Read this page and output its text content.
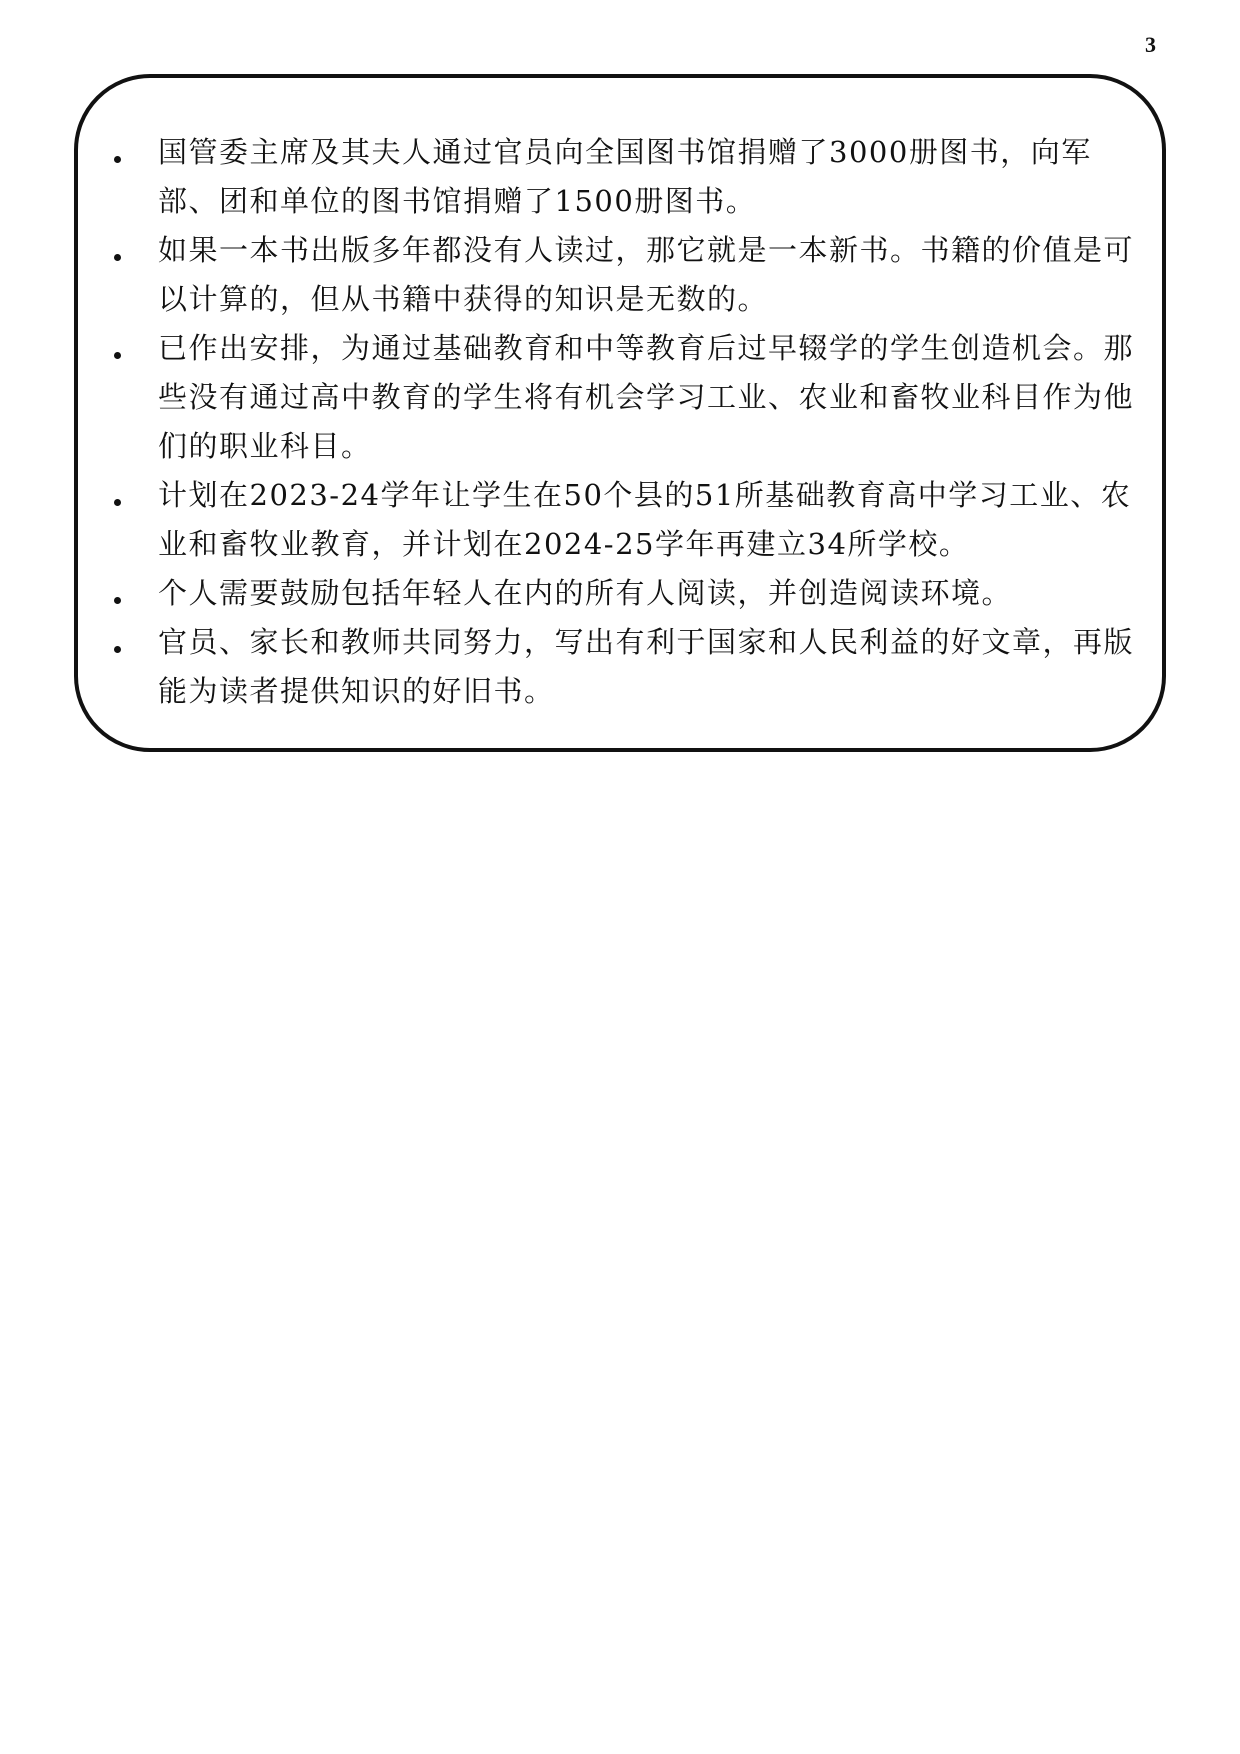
3
国管委主席及其夫人通过官员向全国图书馆捐赠了3000册图书，向军部、团和单位的图书馆捐赠了1500册图书。
如果一本书出版多年都没有人读过，那它就是一本新书。书籍的价值是可以计算的，但从书籍中获得的知识是无数的。
已作出安排，为通过基础教育和中等教育后过早辍学的学生创造机会。那些没有通过高中教育的学生将有机会学习工业、农业和畜牧业科目作为他们的职业科目。
计划在2023-24学年让学生在50个县的51所基础教育高中学习工业、农业和畜牧业教育，并计划在2024-25学年再建立34所学校。
个人需要鼓励包括年轻人在内的所有人阅读，并创造阅读环境。
官员、家长和教师共同努力，写出有利于国家和人民利益的好文章，再版能为读者提供知识的好旧书。
